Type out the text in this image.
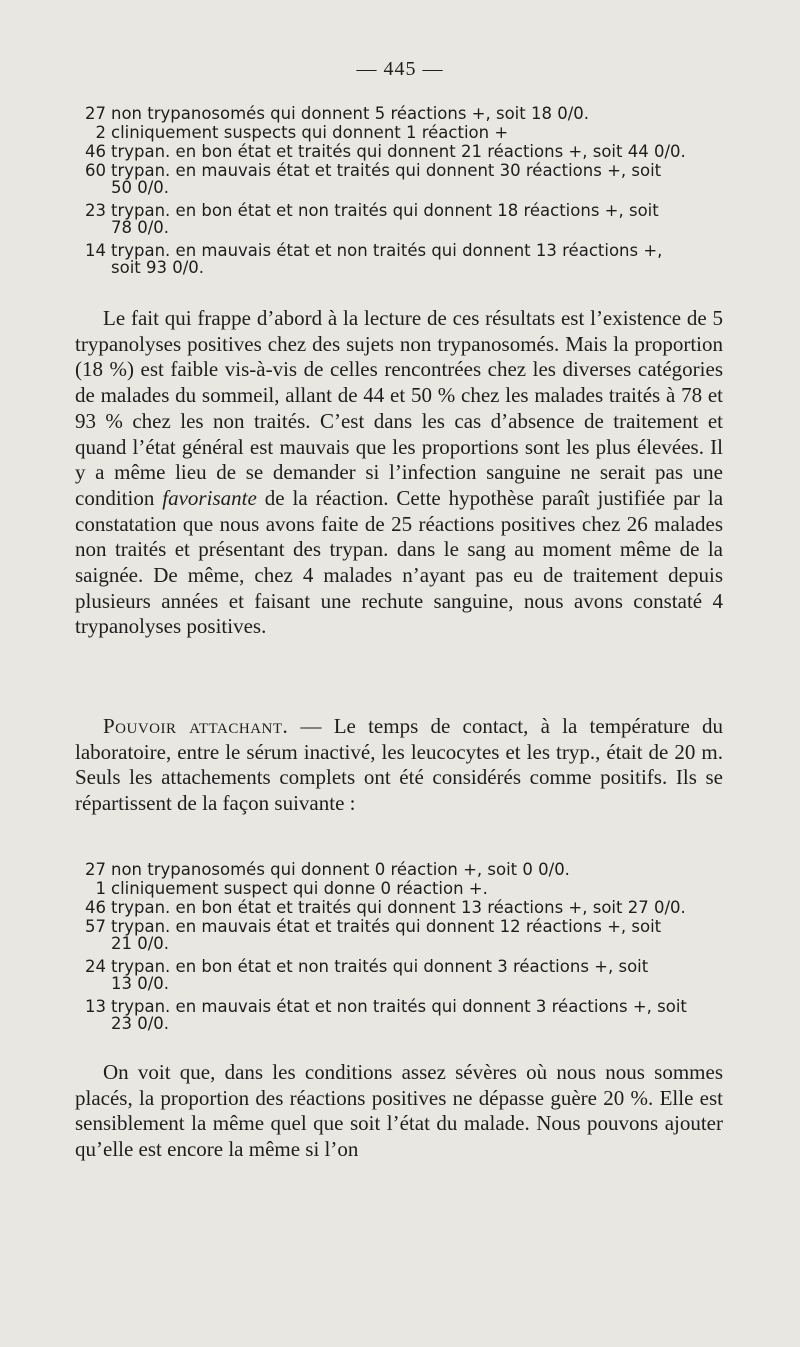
— 445 —
27 non trypanosomés qui donnent 5 réactions +, soit 18 0/0.
2 cliniquement suspects qui donnent 1 réaction +
46 trypan. en bon état et traités qui donnent 21 réactions +, soit 44 0/0.
60 trypan. en mauvais état et traités qui donnent 30 réactions +, soit
50 0/0.
23 trypan. en bon état et non traités qui donnent 18 réactions +, soit
78 0/0.
14 trypan. en mauvais état et non traités qui donnent 13 réactions +,
soit 93 0/0.

Le fait qui frappe d’abord à la lecture de ces résultats est l’existence de 5 trypanolyses positives chez des sujets non trypanosomés. Mais la proportion (18 %) est faible vis-à-vis de celles rencontrées chez les diverses catégories de malades du sommeil, allant de 44 et 50 % chez les malades traités à 78 et 93 % chez les non traités. C’est dans les cas d’absence de traitement et quand l’état général est mauvais que les proportions sont les plus élevées. Il y a même lieu de se demander si l’infection sanguine ne serait pas une condition favorisante de la réaction. Cette hypothèse paraît justifiée par la constatation que nous avons faite de 25 réactions positives chez 26 malades non traités et présentant des trypan. dans le sang au moment même de la saignée. De même, chez 4 malades n’ayant pas eu de traitement depuis plusieurs années et faisant une rechute sanguine, nous avons constaté 4 trypanolyses positives.

Pouvoir attachant. — Le temps de contact, à la température du laboratoire, entre le sérum inactivé, les leucocytes et les tryp., était de 20 m. Seuls les attachements complets ont été considérés comme positifs. Ils se répartissent de la façon suivante :

27 non trypanosomés qui donnent 0 réaction +, soit 0 0/0.
1 cliniquement suspect qui donne 0 réaction +.
46 trypan. en bon état et traités qui donnent 13 réactions +, soit 27 0/0.
57 trypan. en mauvais état et traités qui donnent 12 réactions +, soit
21 0/0.
24 trypan. en bon état et non traités qui donnent 3 réactions +, soit
13 0/0.
13 trypan. en mauvais état et non traités qui donnent 3 réactions +, soit
23 0/0.

On voit que, dans les conditions assez sévères où nous nous sommes placés, la proportion des réactions positives ne dépasse guère 20 %. Elle est sensiblement la même quel que soit l’état du malade. Nous pouvons ajouter qu’elle est encore la même si l’on
